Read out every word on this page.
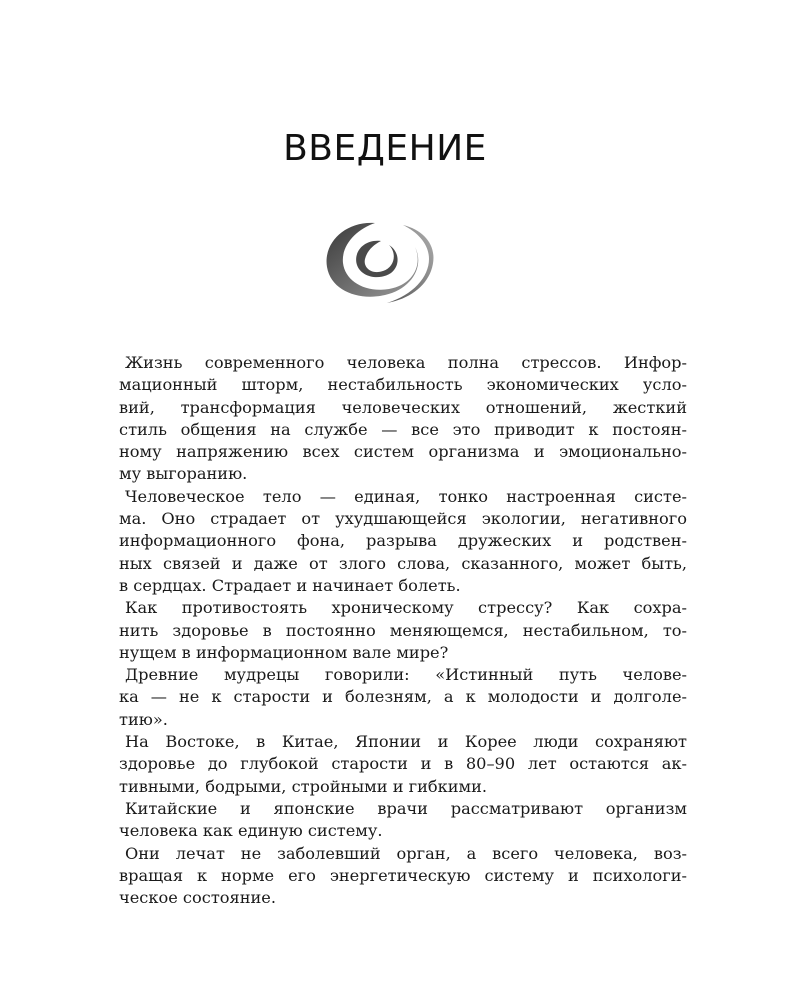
ВВЕДЕНИЕ

Жизнь современного человека полна стрессов. Инфор-
мационный шторм, нестабильность экономических усло-
вий, трансформация человеческих отношений, жесткий
стиль общения на службе — все это приводит к постоян-
ному напряжению всех систем организма и эмоционально-
му выгоранию.

Человеческое тело — единая, тонко настроенная систе-
ма. Оно страдает от ухудшающейся экологии, негативного
информационного фона, разрыва дружеских и родствен-
ных связей и даже от злого слова, сказанного, может быть,
в сердцах. Страдает и начинает болеть.

Как противостоять хроническому стрессу? Как сохра-
нить здоровье в постоянно меняющемся, нестабильном, то-
нущем в информационном вале мире?

Древние мудрецы говорили: «Истинный путь челове-
ка — не к старости и болезням, а к молодости и долголе-
тию».

На Востоке, в Китае, Японии и Корее люди сохраняют
здоровье до глубокой старости и в 80–90 лет остаются ак-
тивными, бодрыми, стройными и гибкими.

Китайские и японские врачи рассматривают организм
человека как единую систему.

Они лечат не заболевший орган, а всего человека, воз-
вращая к норме его энергетическую систему и психологи-
ческое состояние.
